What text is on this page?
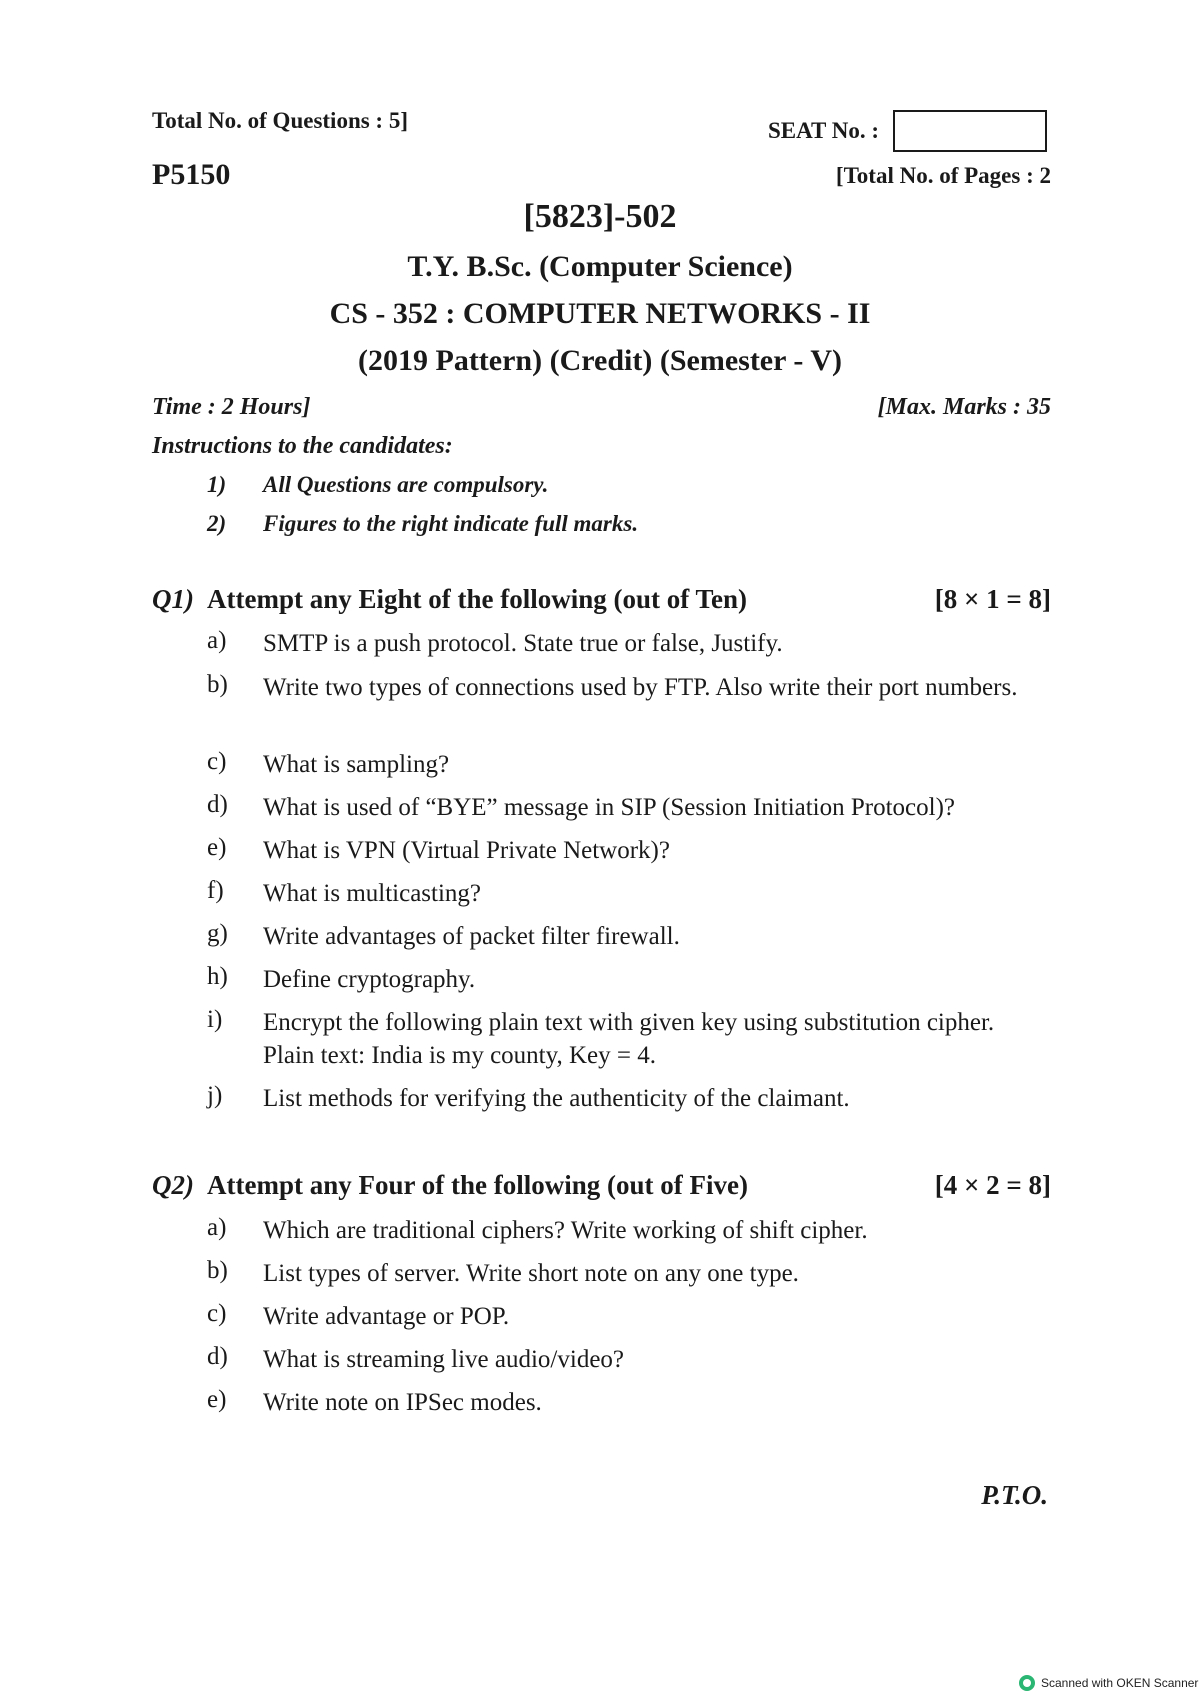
Total No. of Questions : 5]	SEAT No. :
P5150	[Total No. of Pages : 2
[5823]-502
T.Y. B.Sc. (Computer Science)
CS - 352 : COMPUTER NETWORKS - II
(2019 Pattern) (Credit) (Semester - V)
Time : 2 Hours]	[Max. Marks : 35
Instructions to the candidates:
1) All Questions are compulsory.
2) Figures to the right indicate full marks.
Q1) Attempt any Eight of the following (out of Ten)	[8 × 1 = 8]
a) SMTP is a push protocol. State true or false, Justify.
b) Write two types of connections used by FTP. Also write their port numbers.
c) What is sampling?
d) What is used of “BYE” message in SIP (Session Initiation Protocol)?
e) What is VPN (Virtual Private Network)?
f) What is multicasting?
g) Write advantages of packet filter firewall.
h) Define cryptography.
i) Encrypt the following plain text with given key using substitution cipher.
Plain text: India is my county, Key = 4.
j) List methods for verifying the authenticity of the claimant.
Q2) Attempt any Four of the following (out of Five)	[4 × 2 = 8]
a) Which are traditional ciphers? Write working of shift cipher.
b) List types of server. Write short note on any one type.
c) Write advantage or POP.
d) What is streaming live audio/video?
e) Write note on IPSec modes.
P.T.O.
Scanned with OKEN Scanner
